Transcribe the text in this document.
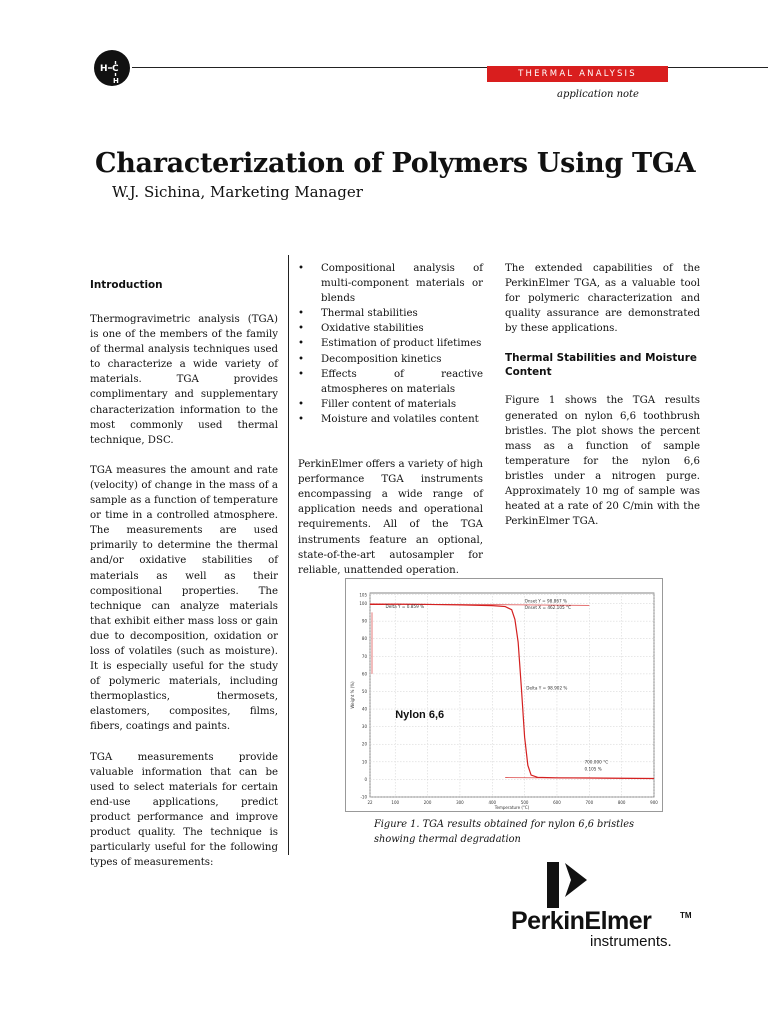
H C
H
THERMAL ANALYSIS
application note
Characterization of Polymers Using TGA
W.J. Sichina, Marketing Manager
Introduction

Thermogravimetric analysis (TGA) is one of the members of the family of thermal analysis techniques used to characterize a wide variety of materials. TGA provides complimentary and supplementary characterization information to the most commonly used thermal technique, DSC.

TGA measures the amount and rate (velocity) of change in the mass of a sample as a function of temperature or time in a controlled atmosphere. The measurements are used primarily to determine the thermal and/or oxidative stabilities of materials as well as their compositional properties. The technique can analyze materials that exhibit either mass loss or gain due to decomposition, oxidation or loss of volatiles (such as moisture). It is especially useful for the study of polymeric materials, including thermoplastics, thermosets, elastomers, composites, films, fibers, coatings and paints.

TGA measurements provide valuable information that can be used to select materials for certain end-use applications, predict product performance and improve product quality. The technique is particularly useful for the following types of measurements:

• Compositional analysis of multi-component materials or blends
• Thermal stabilities
• Oxidative stabilities
• Estimation of product lifetimes
• Decomposition kinetics
• Effects of reactive atmospheres on materials
• Filler content of materials
• Moisture and volatiles content

PerkinElmer offers a variety of high performance TGA instruments encompassing a wide range of application needs and operational requirements. All of the TGA instruments feature an optional, state-of-the-art autosampler for reliable, unattended operation.

The extended capabilities of the PerkinElmer TGA, as a valuable tool for polymeric characterization and quality assurance are demonstrated by these applications.

Thermal Stabilities and Moisture Content

Figure 1 shows the TGA results generated on nylon 6,6 toothbrush bristles. The plot shows the percent mass as a function of sample temperature for the nylon 6,6 bristles under a nitrogen purge. Approximately 10 mg of sample was heated at a rate of 20 C/min with the PerkinElmer TGA.

22	100	200	300	400	500	600	700	800	900
105
100
90
80
70
60
50
40
30
20
10
0
-10
Temperature (°C)
Weight % (%)
Delta Y = 0.859 %
Onset Y = 98.867 %
Onset X = 462.105 °C
Delta Y = 98.902 %
700.000 °C
0.105 %
Nylon 6,6
Figure 1. TGA results obtained for nylon 6,6 bristles
showing thermal degradation
PerkinElmer	TM
instruments.
